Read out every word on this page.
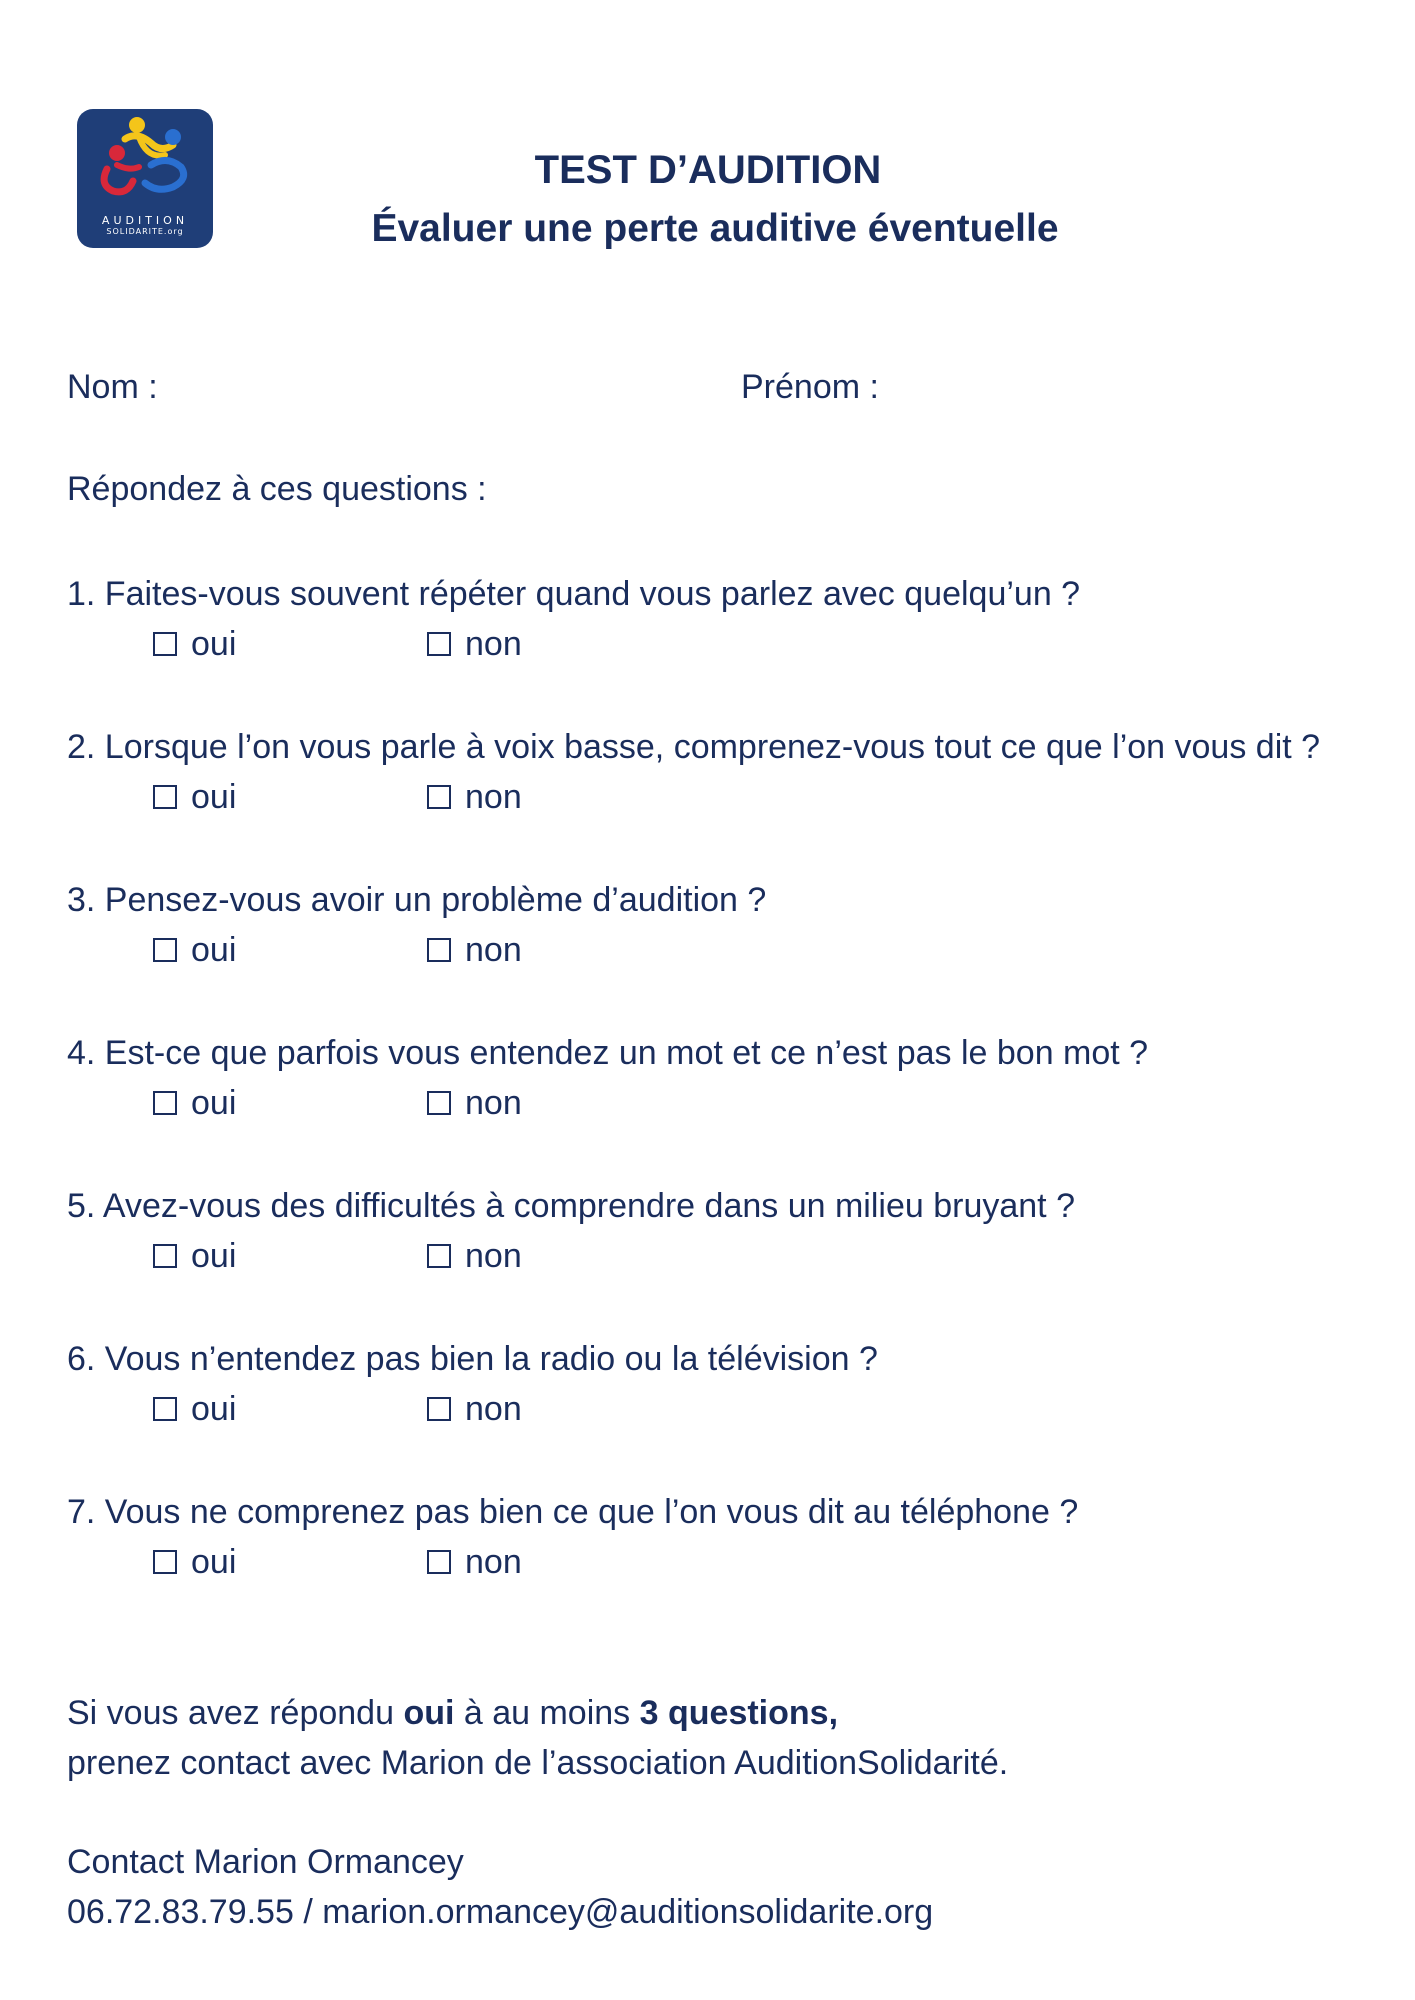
AUDITION
SOLIDARITE.org
TEST D’AUDITION
Évaluer une perte auditive éventuelle
Nom :	Prénom :
Répondez à ces questions :
1. Faites-vous souvent répéter quand vous parlez avec quelqu’un ?
oui	non
2. Lorsque l’on vous parle à voix basse, comprenez-vous tout ce que l’on vous dit ?
oui	non
3. Pensez-vous avoir un problème d’audition ?
oui	non
4. Est-ce que parfois vous entendez un mot et ce n’est pas le bon mot ?
oui	non
5. Avez-vous des difficultés à comprendre dans un milieu bruyant ?
oui	non
6. Vous n’entendez pas bien la radio ou la télévision ?
oui	non
7. Vous ne comprenez pas bien ce que l’on vous dit au téléphone ?
oui	non
Si vous avez répondu oui à au moins 3 questions,
prenez contact avec Marion de l’association AuditionSolidarité.
Contact Marion Ormancey
06.72.83.79.55 / marion.ormancey@auditionsolidarite.org
